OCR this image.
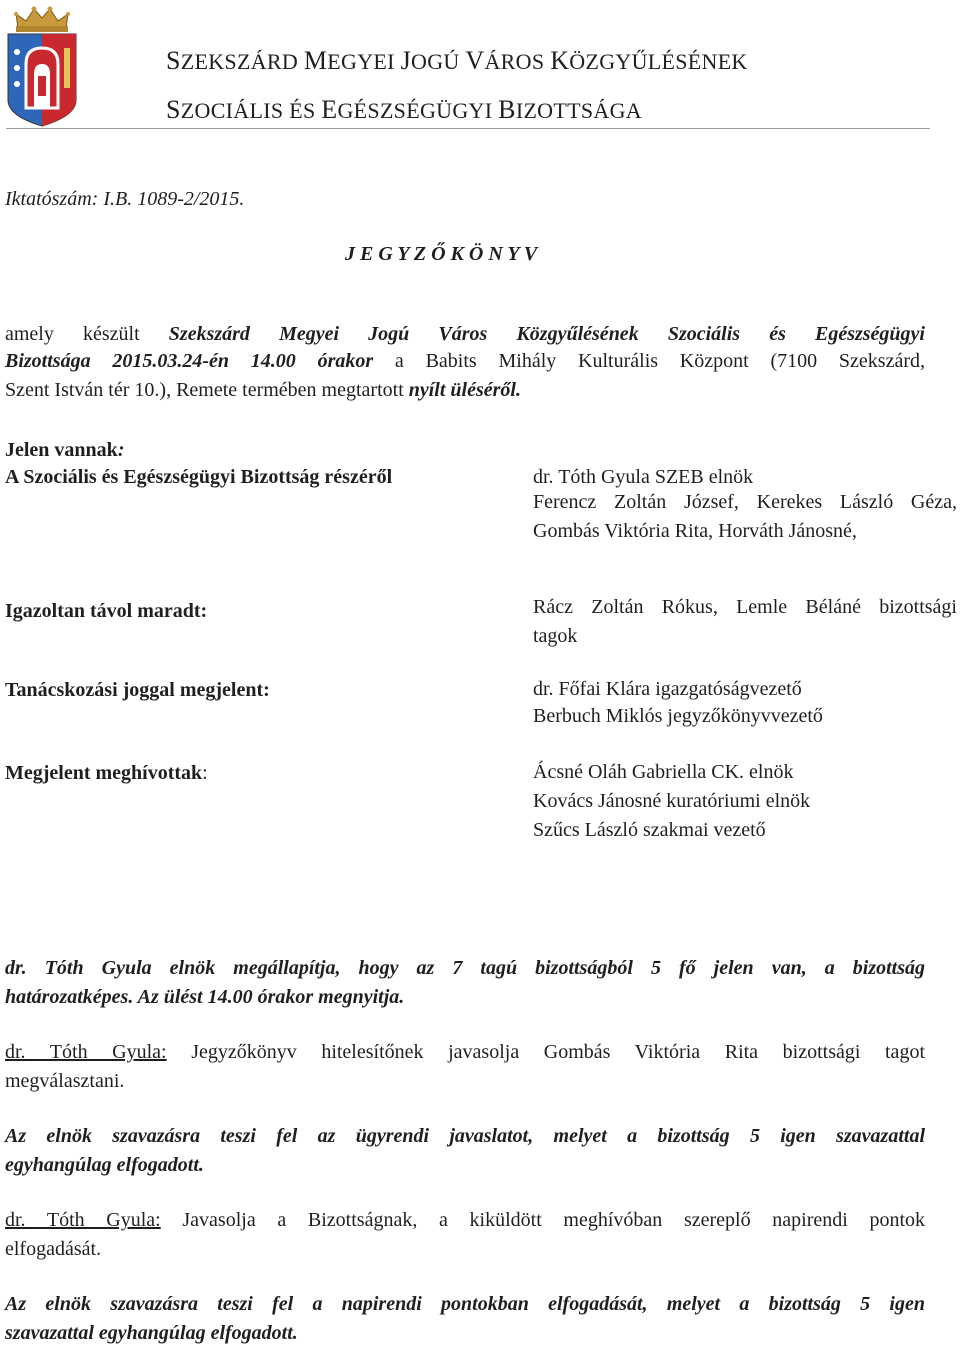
SZEKSZÁRD MEGYEI JOGÚ VÁROS KÖZGYŰLÉSÉNEK
SZOCIÁLIS ÉS EGÉSZSÉGÜGYI BIZOTTSÁGA
Iktatószám: I.B. 1089-2/2015.
J E G Y Z Ő K Ö N Y V
amely készült Szekszárd Megyei Jogú Város Közgyűlésének Szociális és Egészségügyi
Bizottsága 2015.03.24-én 14.00 órakor a Babits Mihály Kulturális Központ (7100 Szekszárd,
Szent István tér 10.), Remete termében megtartott nyílt üléséről.
Jelen vannak:
A Szociális és Egészségügyi Bizottság részéről	dr. Tóth Gyula SZEB elnök
Ferencz Zoltán József, Kerekes László Géza,
Gombás Viktória Rita, Horváth Jánosné,
Igazoltan távol maradt:	Rácz Zoltán Rókus, Lemle Béláné bizottsági
tagok
Tanácskozási joggal megjelent:	dr. Főfai Klára igazgatóságvezető
Berbuch Miklós jegyzőkönyvvezető
Megjelent meghívottak:	Ácsné Oláh Gabriella CK. elnök
Kovács Jánosné kuratóriumi elnök
Szűcs László szakmai vezető
dr. Tóth Gyula elnök megállapítja, hogy az 7 tagú bizottságból 5 fő jelen van, a bizottság
határozatképes. Az ülést 14.00 órakor megnyitja.
dr. Tóth Gyula: Jegyzőkönyv hitelesítőnek javasolja Gombás Viktória Rita bizottsági tagot
megválasztani.
Az elnök szavazásra teszi fel az ügyrendi javaslatot, melyet a bizottság 5 igen szavazattal
egyhangúlag elfogadott.
dr. Tóth Gyula: Javasolja a Bizottságnak, a kiküldött meghívóban szereplő napirendi pontok
elfogadását.
Az elnök szavazásra teszi fel a napirendi pontokban elfogadását, melyet a bizottság 5 igen
szavazattal egyhangúlag elfogadott.
